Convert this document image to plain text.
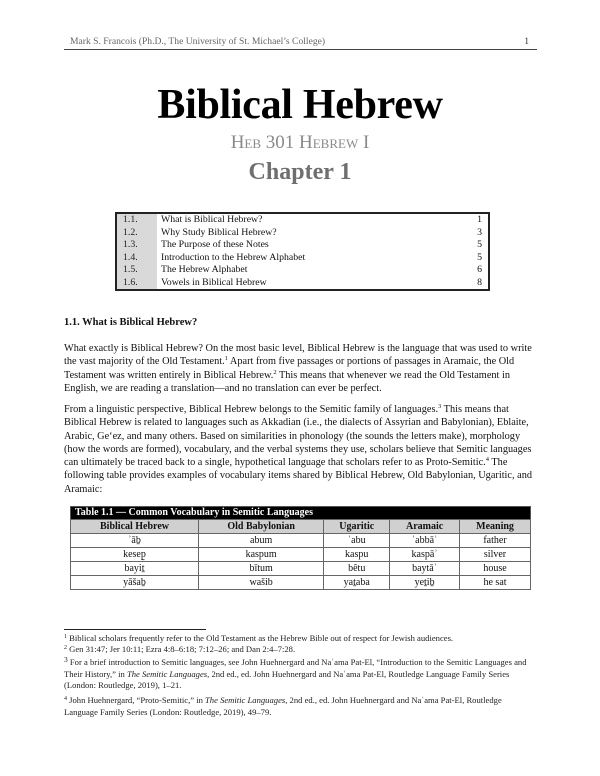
Mark S. Francois (Ph.D., The University of St. Michael’s College)	1
Biblical Hebrew
Heb 301 Hebrew I
Chapter 1
1.1.	What is Biblical Hebrew?	1
1.2.	Why Study Biblical Hebrew?	3
1.3.	The Purpose of these Notes	5
1.4.	Introduction to the Hebrew Alphabet	5
1.5.	The Hebrew Alphabet	6
1.6.	Vowels in Biblical Hebrew	8
1.1. What is Biblical Hebrew?
What exactly is Biblical Hebrew? On the most basic level, Biblical Hebrew is the language that was used to write the vast majority of the Old Testament.$^1$ Apart from five passages or portions of passages in Aramaic, the Old Testament was written entirely in Biblical Hebrew.$^2$ This means that whenever we read the Old Testament in English, we are reading a translation—and no translation can ever be perfect.
From a linguistic perspective, Biblical Hebrew belongs to the Semitic family of languages.$^3$ This means that Biblical Hebrew is related to languages such as Akkadian (i.e., the dialects of Assyrian and Babylonian), Eblaite, Arabic, Ge‘ez, and many others. Based on similarities in phonology (the sounds the letters make), morphology (how the words are formed), vocabulary, and the verbal systems they use, scholars believe that Semitic languages can ultimately be traced back to a single, hypothetical language that scholars refer to as Proto-Semitic.$^4$ The following table provides examples of vocabulary items shared by Biblical Hebrew, Old Babylonian, Ugaritic, and Aramaic:
Table 1.1 — Common Vocabulary in Semitic Languages				
Biblical Hebrew	Old Babylonian	Ugaritic	Aramaic	Meaning
ʾāḇ	abum	ʾabu	ʾabbāʾ	father
kesep̱	kaspum	kaspu	kaspāʾ	silver
bayiṯ	bītum	bêtu	baytāʾ	house
yāšaḇ	wašib	yaṯaba	yeṯiḇ	he sat
$^1$ Biblical scholars frequently refer to the Old Testament as the Hebrew Bible out of respect for Jewish audiences.
$^2$ Gen 31:47; Jer 10:11; Ezra 4:8–6:18; 7:12–26; and Dan 2:4–7:28.
$^3$ For a brief introduction to Semitic languages, see John Huehnergard and Naʿama Pat-El, “Introduction to the Semitic Languages and Their History,” in The Semitic Languages, 2nd ed., ed. John Huehnergard and Naʿama Pat-El, Routledge Language Family Series (London: Routledge, 2019), 1–21.
$^4$ John Huehnergard, “Proto-Semitic,” in The Semitic Languages, 2nd ed., ed. John Huehnergard and Naʿama Pat-El, Routledge Language Family Series (London: Routledge, 2019), 49–79.
